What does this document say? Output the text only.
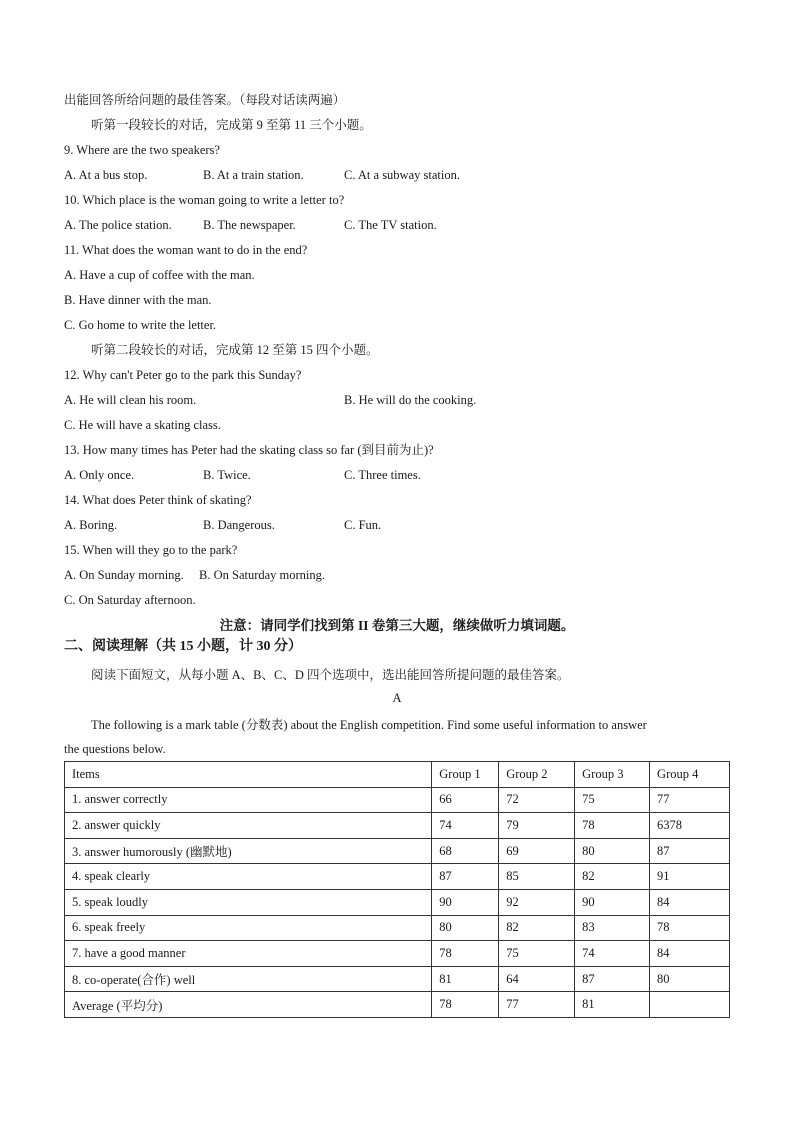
出能回答所给问题的最佳答案。（每段对话读两遍）
听第一段较长的对话，完成第 9 至第 11 三个小题。
9. Where are the two speakers?
A. At a bus stop.	B. At a train station.	C. At a subway station.
10. Which place is the woman going to write a letter to?
A. The police station.	B. The newspaper.	C. The TV station.
11. What does the woman want to do in the end?
A. Have a cup of coffee with the man.
B. Have dinner with the man.
C. Go home to write the letter.
听第二段较长的对话，完成第 12 至第 15 四个小题。
12. Why can't Peter go to the park this Sunday?
A. He will clean his room.	B. He will do the cooking.
C. He will have a skating class.
13. How many times has Peter had the skating class so far (到目前为止)?
A. Only once.	B. Twice.	C. Three times.
14. What does Peter think of skating?
A. Boring.	B. Dangerous.	C. Fun.
15. When will they go to the park?
A. On Sunday morning. B. On Saturday morning.
C. On Saturday afternoon.
注意：请同学们找到第 II 卷第三大题，继续做听力填词题。
二、阅读理解（共 15 小题，计 30 分）
阅读下面短文，从每小题 A、B、C、D 四个选项中，选出能回答所提问题的最佳答案。
A
The following is a mark table (分数表) about the English competition. Find some useful information to answer
the questions below.
Items	Group 1	Group 2	Group 3	Group 4
1. answer correctly	66	72	75	77
2. answer quickly	74	79	78	6378
3. answer humorously (幽默地)	68	69	80	87
4. speak clearly	87	85	82	91
5. speak loudly	90	92	90	84
6. speak freely	80	82	83	78
7. have a good manner	78	75	74	84
8. co-operate(合作) well	81	64	87	80
Average (平均分)	78	77	81	
